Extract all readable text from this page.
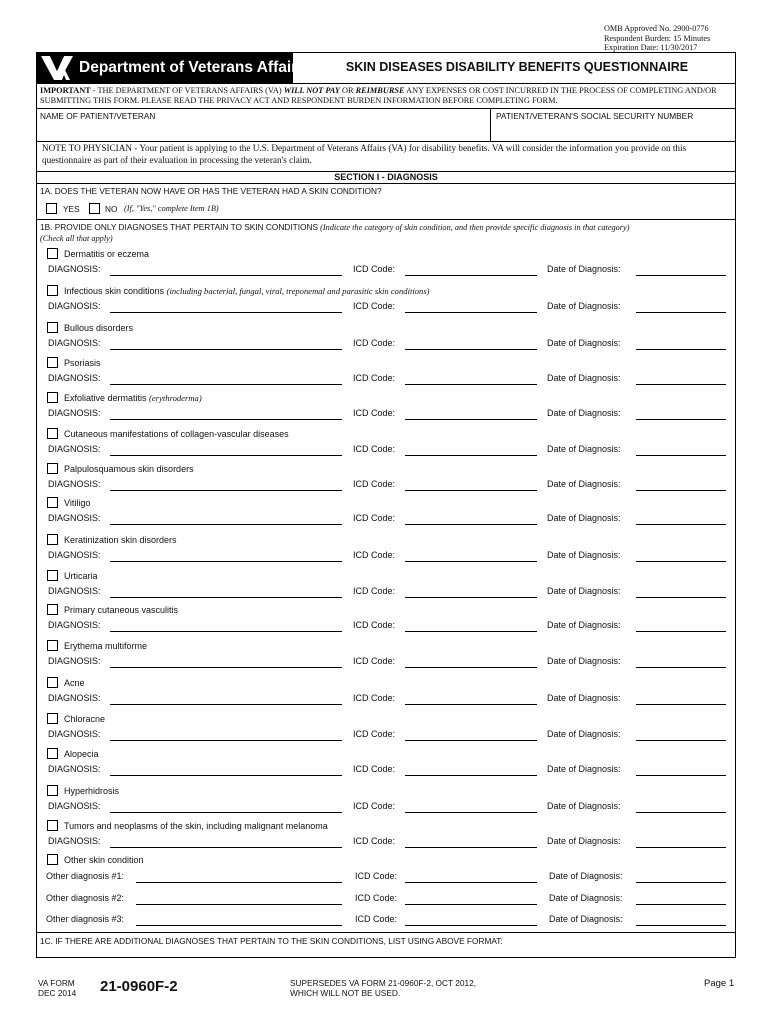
OMB Approved No. 2900-0776
Respondent Burden: 15 Minutes
Expiration Date: 11/30/2017
Department of Veterans Affairs	SKIN DISEASES DISABILITY BENEFITS QUESTIONNAIRE
IMPORTANT - THE DEPARTMENT OF VETERANS AFFAIRS (VA) WILL NOT PAY OR REIMBURSE ANY EXPENSES OR COST INCURRED IN THE PROCESS OF COMPLETING AND/OR SUBMITTING THIS FORM. PLEASE READ THE PRIVACY ACT AND RESPONDENT BURDEN INFORMATION BEFORE COMPLETING FORM.
NAME OF PATIENT/VETERAN	PATIENT/VETERAN'S SOCIAL SECURITY NUMBER
NOTE TO PHYSICIAN - Your patient is applying to the U.S. Department of Veterans Affairs (VA) for disability benefits. VA will consider the information you provide on this questionnaire as part of their evaluation in processing the veteran's claim.
SECTION I - DIAGNOSIS
1A. DOES THE VETERAN NOW HAVE OR HAS THE VETERAN HAD A SKIN CONDITION?
YES	NO (If, "Yes," complete Item 1B)
1B. PROVIDE ONLY DIAGNOSES THAT PERTAIN TO SKIN CONDITIONS (Indicate the category of skin condition, and then provide specific diagnosis in that category)
(Check all that apply)
Dermatitis or eczema
DIAGNOSIS:	ICD Code:	Date of Diagnosis:
Infectious skin conditions (including bacterial, fungal, viral, treponemal and parasitic skin conditions)
DIAGNOSIS:	ICD Code:	Date of Diagnosis:
Bullous disorders
DIAGNOSIS:	ICD Code:	Date of Diagnosis:
Psoriasis
DIAGNOSIS:	ICD Code:	Date of Diagnosis:
Exfoliative dermatitis (erythroderma)
DIAGNOSIS:	ICD Code:	Date of Diagnosis:
Cutaneous manifestations of collagen-vascular diseases
DIAGNOSIS:	ICD Code:	Date of Diagnosis:
Palpulosquamous skin disorders
DIAGNOSIS:	ICD Code:	Date of Diagnosis:
Vitiligo
DIAGNOSIS:	ICD Code:	Date of Diagnosis:
Keratinization skin disorders
DIAGNOSIS:	ICD Code:	Date of Diagnosis:
Urticaria
DIAGNOSIS:	ICD Code:	Date of Diagnosis:
Primary cutaneous vasculitis
DIAGNOSIS:	ICD Code:	Date of Diagnosis:
Erythema multiforme
DIAGNOSIS:	ICD Code:	Date of Diagnosis:
Acne
DIAGNOSIS:	ICD Code:	Date of Diagnosis:
Chloracne
DIAGNOSIS:	ICD Code:	Date of Diagnosis:
Alopecia
DIAGNOSIS:	ICD Code:	Date of Diagnosis:
Hyperhidrosis
DIAGNOSIS:	ICD Code:	Date of Diagnosis:
Tumors and neoplasms of the skin, including malignant melanoma
DIAGNOSIS:	ICD Code:	Date of Diagnosis:
Other skin condition
Other diagnosis #1:	ICD Code:	Date of Diagnosis:
Other diagnosis #2:	ICD Code:	Date of Diagnosis:
Other diagnosis #3:	ICD Code:	Date of Diagnosis:
1C. IF THERE ARE ADDITIONAL DIAGNOSES THAT PERTAIN TO THE SKIN CONDITIONS, LIST USING ABOVE FORMAT:
VA FORM
DEC 2014 21-0960F-2	SUPERSEDES VA FORM 21-0960F-2, OCT 2012,
WHICH WILL NOT BE USED.
Page 1
